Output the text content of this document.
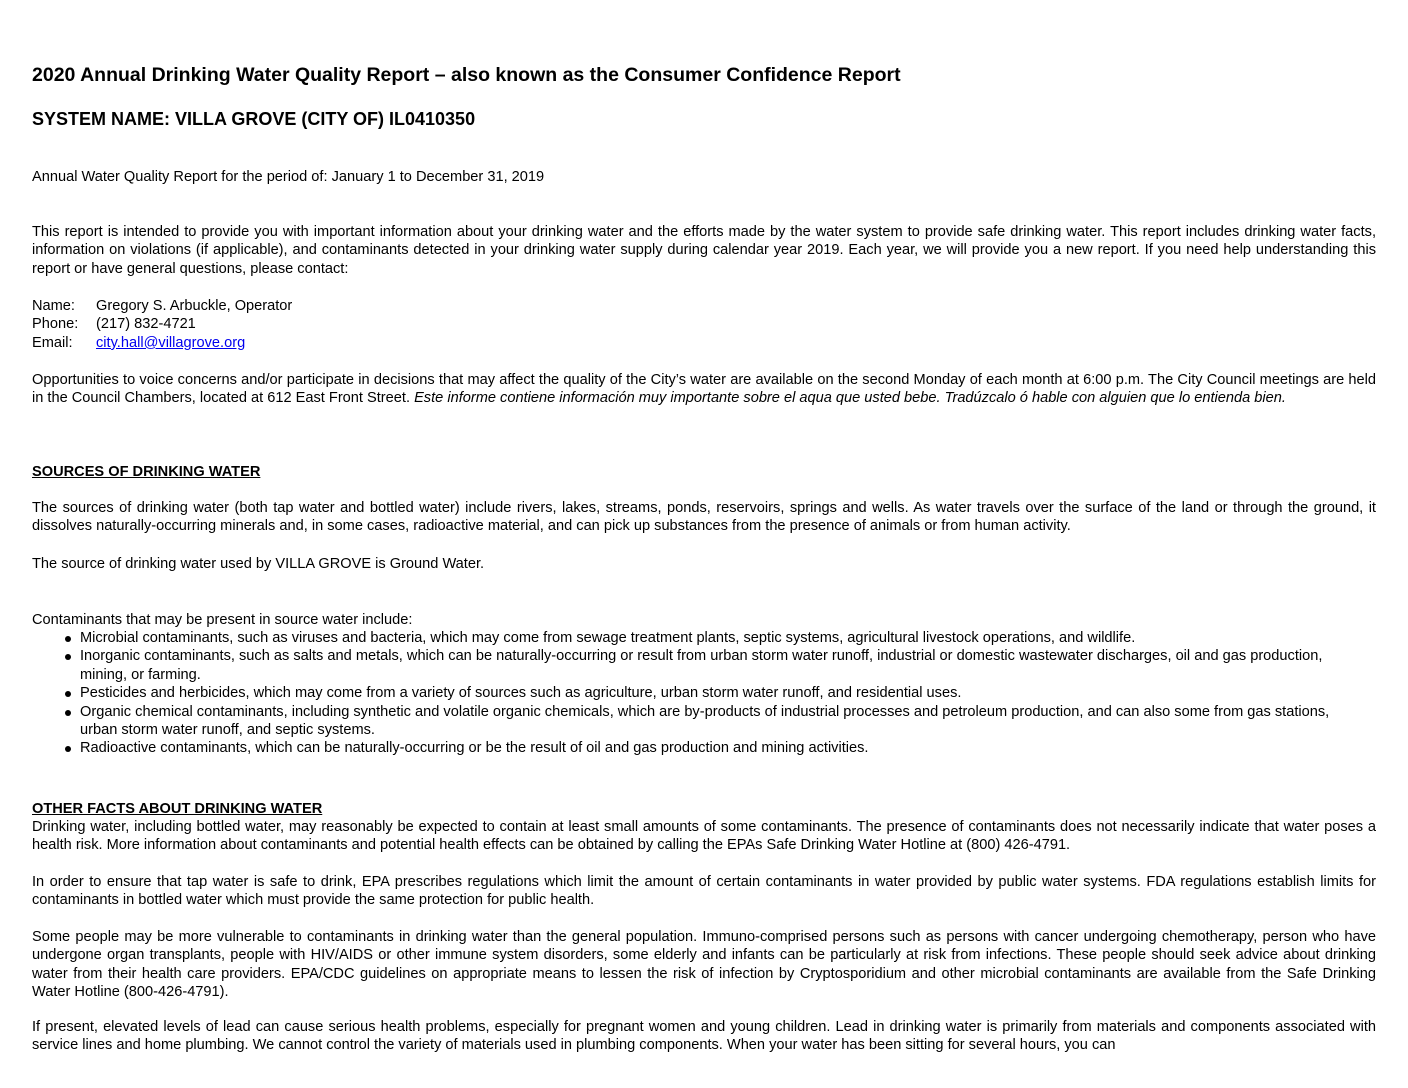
2020 Annual Drinking Water Quality Report – also known as the Consumer Confidence Report
SYSTEM NAME: VILLA GROVE (CITY OF) IL0410350
Annual Water Quality Report for the period of: January 1 to December 31, 2019
This report is intended to provide you with important information about your drinking water and the efforts made by the water system to provide safe drinking water. This report includes drinking water facts, information on violations (if applicable), and contaminants detected in your drinking water supply during calendar year 2019. Each year, we will provide you a new report. If you need help understanding this report or have general questions, please contact:
Name:	Gregory S. Arbuckle, Operator
Phone:	(217) 832-4721
Email:	city.hall@villagrove.org
Opportunities to voice concerns and/or participate in decisions that may affect the quality of the City’s water are available on the second Monday of each month at 6:00 p.m. The City Council meetings are held in the Council Chambers, located at 612 East Front Street. Este informe contiene información muy importante sobre el aqua que usted bebe. Tradúzcalo ó hable con alguien que lo entienda bien.
SOURCES OF DRINKING WATER
The sources of drinking water (both tap water and bottled water) include rivers, lakes, streams, ponds, reservoirs, springs and wells. As water travels over the surface of the land or through the ground, it dissolves naturally-occurring minerals and, in some cases, radioactive material, and can pick up substances from the presence of animals or from human activity.
The source of drinking water used by VILLA GROVE is Ground Water.
Contaminants that may be present in source water include:
Microbial contaminants, such as viruses and bacteria, which may come from sewage treatment plants, septic systems, agricultural livestock operations, and wildlife.
Inorganic contaminants, such as salts and metals, which can be naturally-occurring or result from urban storm water runoff, industrial or domestic wastewater discharges, oil and gas production, mining, or farming.
Pesticides and herbicides, which may come from a variety of sources such as agriculture, urban storm water runoff, and residential uses.
Organic chemical contaminants, including synthetic and volatile organic chemicals, which are by-products of industrial processes and petroleum production, and can also some from gas stations, urban storm water runoff, and septic systems.
Radioactive contaminants, which can be naturally-occurring or be the result of oil and gas production and mining activities.
OTHER FACTS ABOUT DRINKING WATER
Drinking water, including bottled water, may reasonably be expected to contain at least small amounts of some contaminants. The presence of contaminants does not necessarily indicate that water poses a health risk. More information about contaminants and potential health effects can be obtained by calling the EPAs Safe Drinking Water Hotline at (800) 426-4791.
In order to ensure that tap water is safe to drink, EPA prescribes regulations which limit the amount of certain contaminants in water provided by public water systems. FDA regulations establish limits for contaminants in bottled water which must provide the same protection for public health.
Some people may be more vulnerable to contaminants in drinking water than the general population. Immuno-comprised persons such as persons with cancer undergoing chemotherapy, person who have undergone organ transplants, people with HIV/AIDS or other immune system disorders, some elderly and infants can be particularly at risk from infections. These people should seek advice about drinking water from their health care providers. EPA/CDC guidelines on appropriate means to lessen the risk of infection by Cryptosporidium and other microbial contaminants are available from the Safe Drinking Water Hotline (800-426-4791).
If present, elevated levels of lead can cause serious health problems, especially for pregnant women and young children. Lead in drinking water is primarily from materials and components associated with service lines and home plumbing. We cannot control the variety of materials used in plumbing components. When your water has been sitting for several hours, you can
